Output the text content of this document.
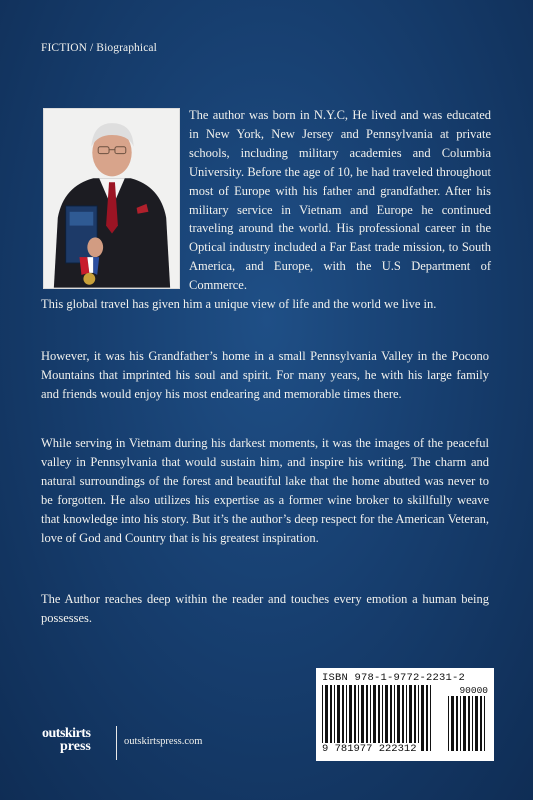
FICTION / Biographical

The author was born in N.Y.C, He lived and was educated in New York, New Jersey and Pennsylvania at private schools, including military academies and Columbia University. Before the age of 10, he had traveled throughout most of Europe with his father and grandfather. After his military service in Vietnam and Europe he continued traveling around the world. His professional career in the Optical industry included a Far East trade mission, to South America, and Europe, with the U.S Department of Commerce.

This global travel has given him a unique view of life and the world we live in.

However, it was his Grandfather’s home in a small Pennsylvania Valley in the Pocono Mountains that imprinted his soul and spirit. For many years, he with his large family and friends would enjoy his most endearing and memorable times there.

While serving in Vietnam during his darkest moments, it was the images of the peaceful valley in Pennsylvania that would sustain him, and inspire his writing. The charm and natural surroundings of the forest and beautiful lake that the home abutted was never to be forgotten. He also utilizes his expertise as a former wine broker to skillfully weave that knowledge into his story. But it’s the author’s deep respect for the American Veteran, love of God and Country that is his greatest inspiration.

The Author reaches deep within the reader and touches every emotion a human being possesses.

ISBN 978-1-9772-2231-2
90000
9 781977 222312
outskirts
press	outskirtspress.com
